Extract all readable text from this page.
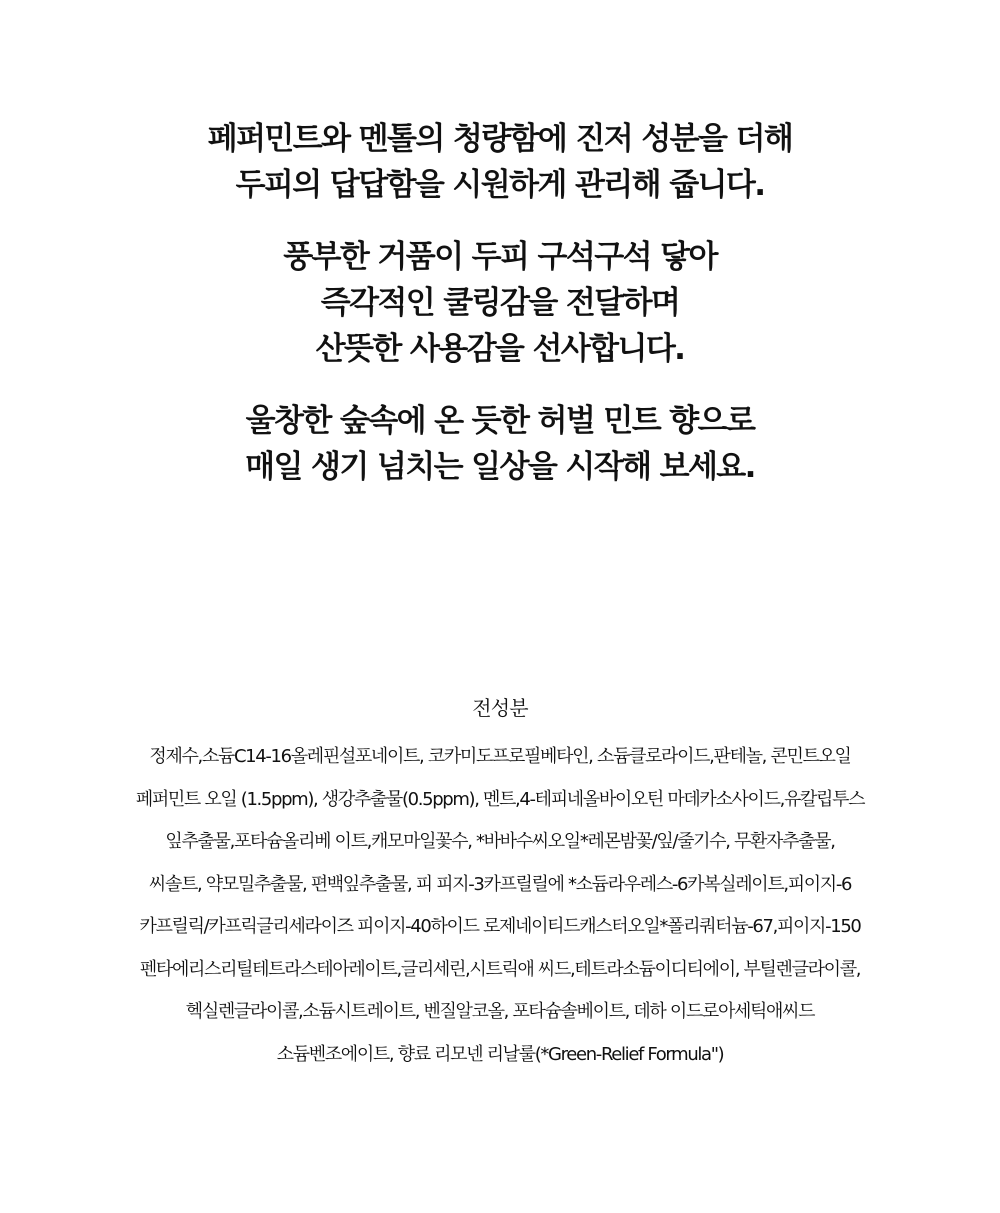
페퍼민트와 멘톨의 청량함에 진저 성분을 더해
두피의 답답함을 시원하게 관리해 줍니다.

풍부한 거품이 두피 구석구석 닿아
즉각적인 쿨링감을 전달하며
산뜻한 사용감을 선사합니다.

울창한 숲속에 온 듯한 허벌 민트 향으로
매일 생기 넘치는 일상을 시작해 보세요.

전성분
정제수,소듐C14-16올레핀설포네이트, 코카미도프로필베타인, 소듐클로라이드,판테놀, 콘민트오일
페퍼민트 오일 (1.5ppm), 생강추출물(0.5ppm), 멘트,4-테피네올바이오틴 마데카소사이드,유칼립투스
잎추출물,포타슘올리베 이트,캐모마일꽃수, *바바수씨오일*레몬밤꽃/잎/줄기수, 무환자추출물,
씨솔트, 약모밀추출물, 편백잎추출물, 피 피지-3카프릴릴에 *소듐라우레스-6카복실레이트,피이지-6
카프릴릭/카프릭글리세라이즈 피이지-40하이드 로제네이티드캐스터오일*폴리쿼터늄-67,피이지-150
펜타에리스리틸테트라스테아레이트,글리세린,시트릭애 씨드,테트라소듐이디티에이, 부틸렌글라이콜,
헥실렌글라이콜,소듐시트레이트, 벤질알코올, 포타슘솔베이트, 데하 이드로아세틱애씨드
소듐벤조에이트, 향료 리모넨 리날룰(*Green-Relief Formula")
